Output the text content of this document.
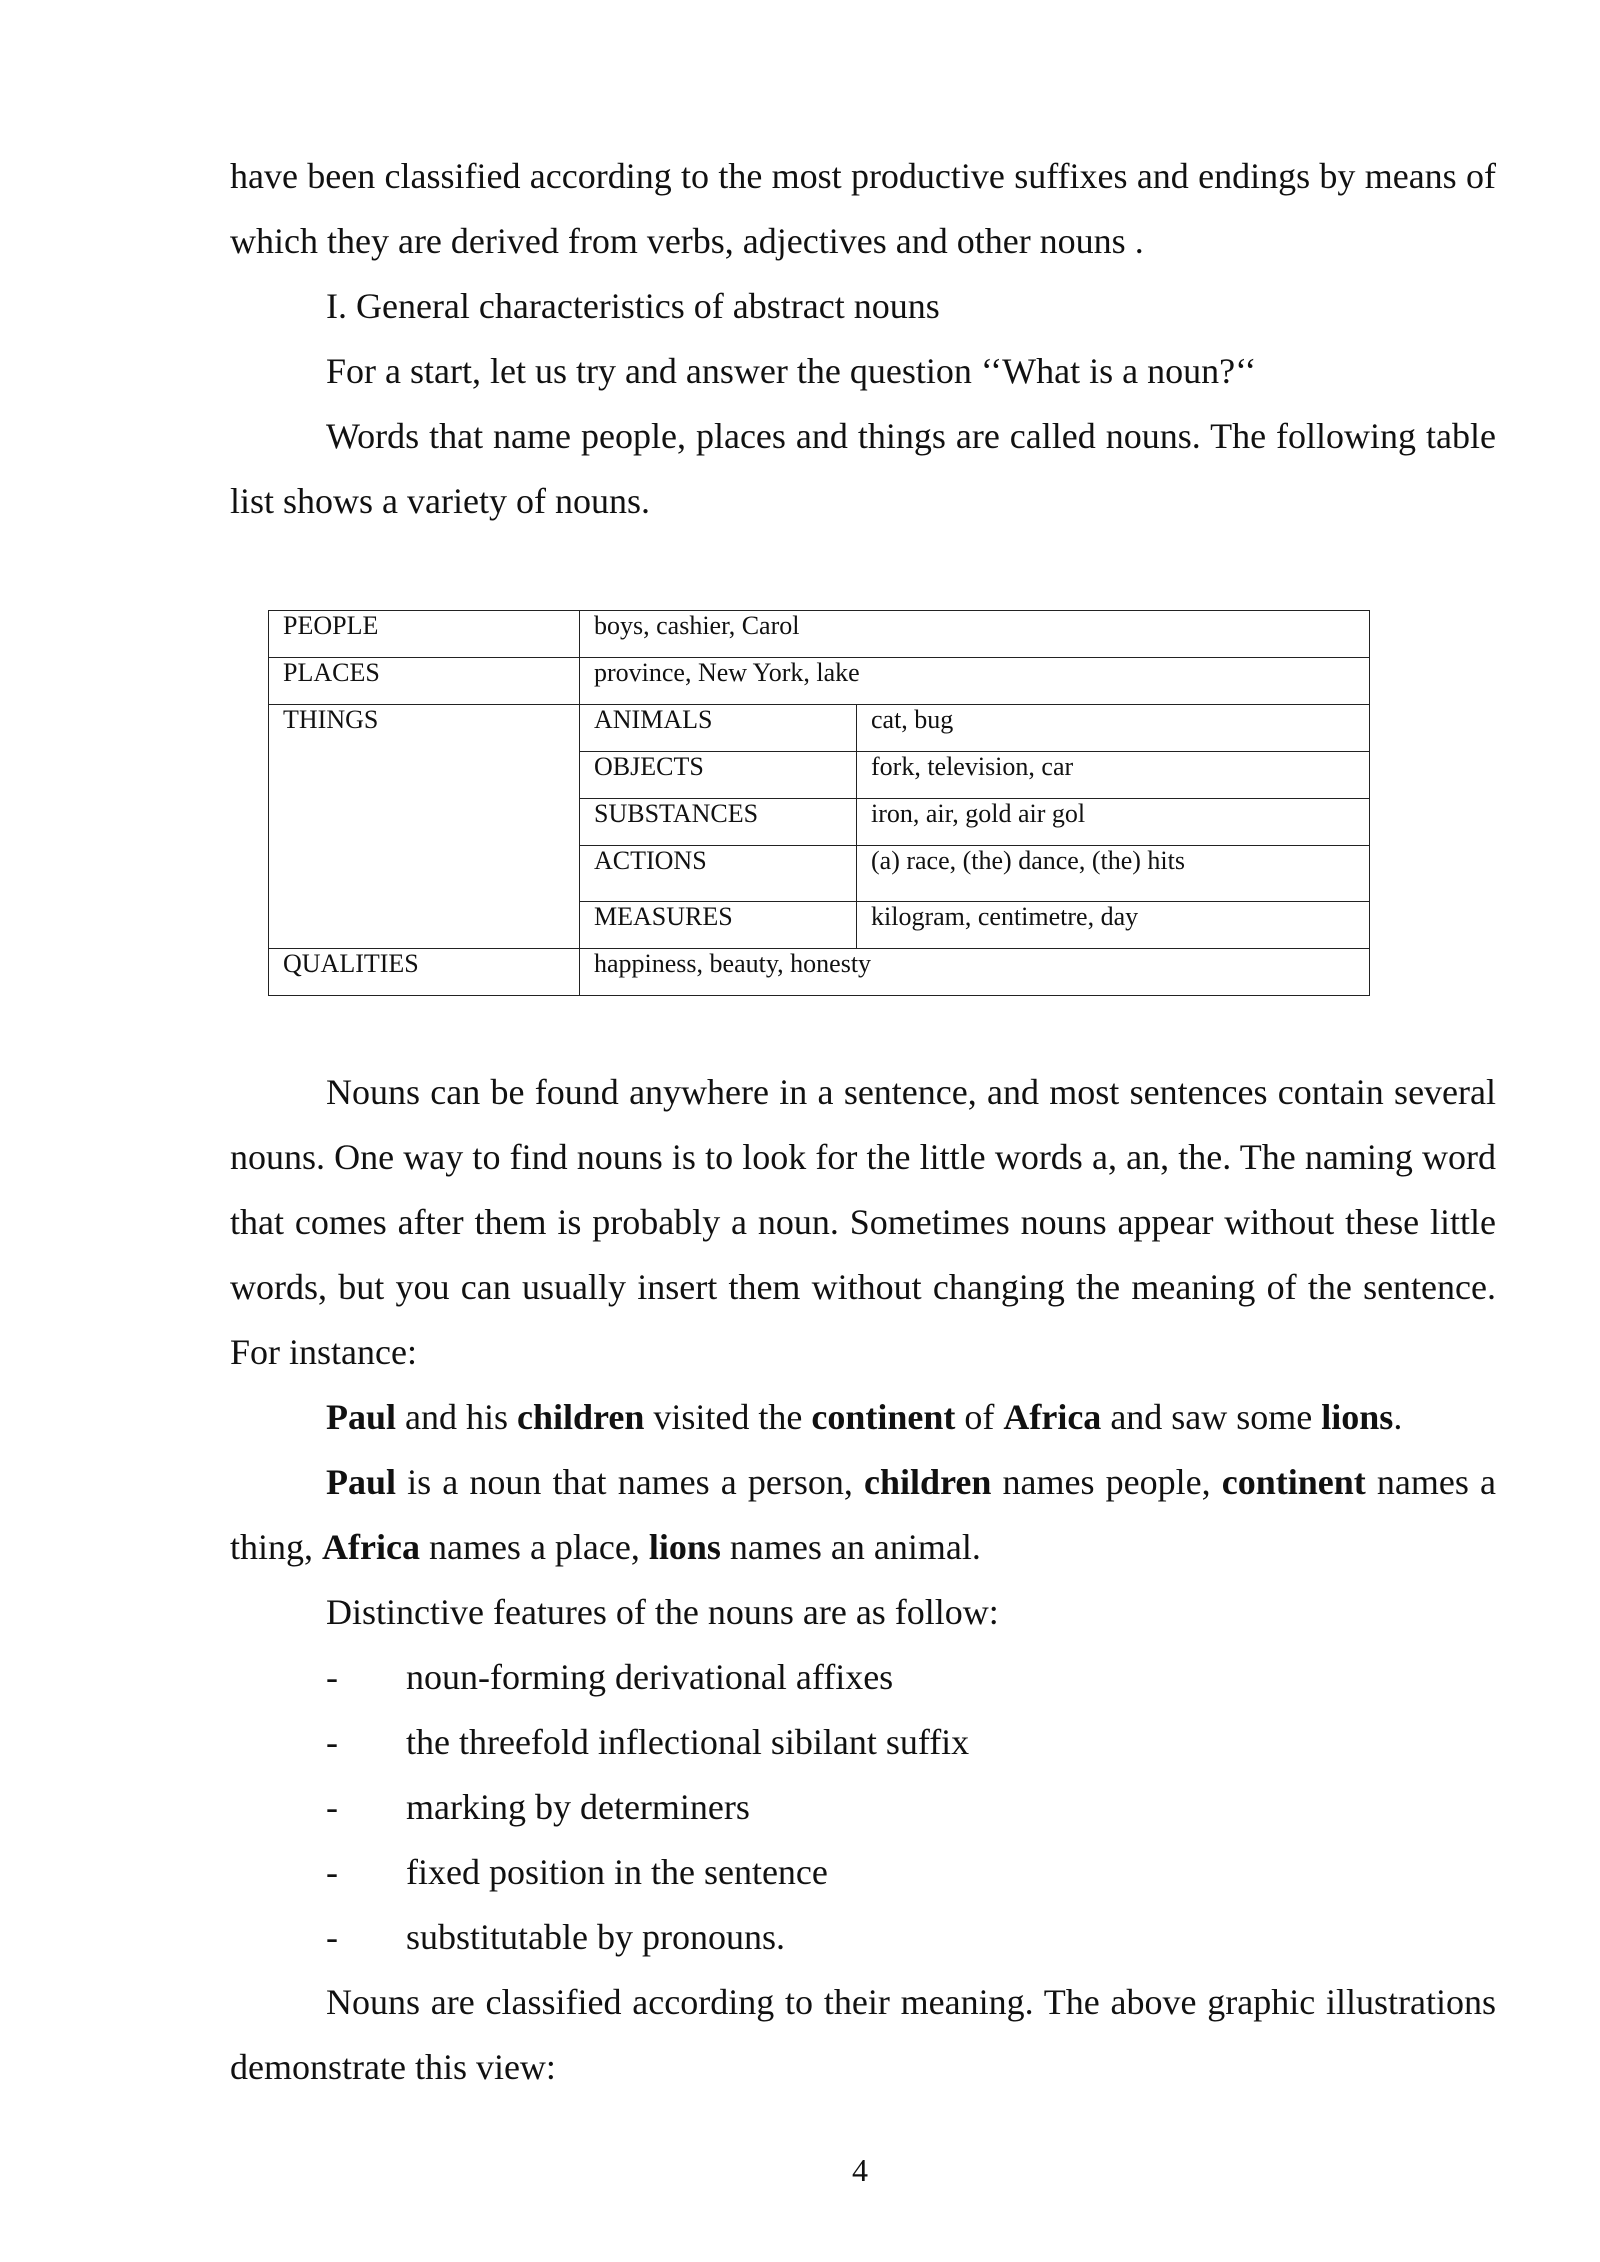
have been classified according to the most productive suffixes and endings by means of which they are derived from verbs, adjectives and other nouns .

I. General characteristics of abstract nouns

For a start, let us try and answer the question ‘‘What is a noun?‘‘

Words that name people, places and things are called nouns. The following table list shows a variety of nouns.

PEOPLE	boys, cashier, Carol	
PLACES	province, New York, lake	
THINGS	ANIMALS	cat, bug
	OBJECTS	fork, television, car
	SUBSTANCES	iron, air, gold air gol
	ACTIONS	(a) race, (the) dance, (the) hits
	MEASURES	kilogram, centimetre, day
QUALITIES	happiness, beauty, honesty	

Nouns can be found anywhere in a sentence, and most sentences contain several nouns. One way to find nouns is to look for the little words a, an, the. The naming word that comes after them is probably a noun. Sometimes nouns appear without these little words, but you can usually insert them without changing the meaning of the sentence. For instance:

Paul and his children visited the continent of Africa and saw some lions.

Paul is a noun that names a person, children names people, continent names a thing, Africa names a place, lions names an animal.

Distinctive features of the nouns are as follow:

- noun-forming derivational affixes
- the threefold inflectional sibilant suffix
- marking by determiners
- fixed position in the sentence
- substitutable by pronouns.

Nouns are classified according to their meaning. The above graphic illustrations demonstrate this view:

4
